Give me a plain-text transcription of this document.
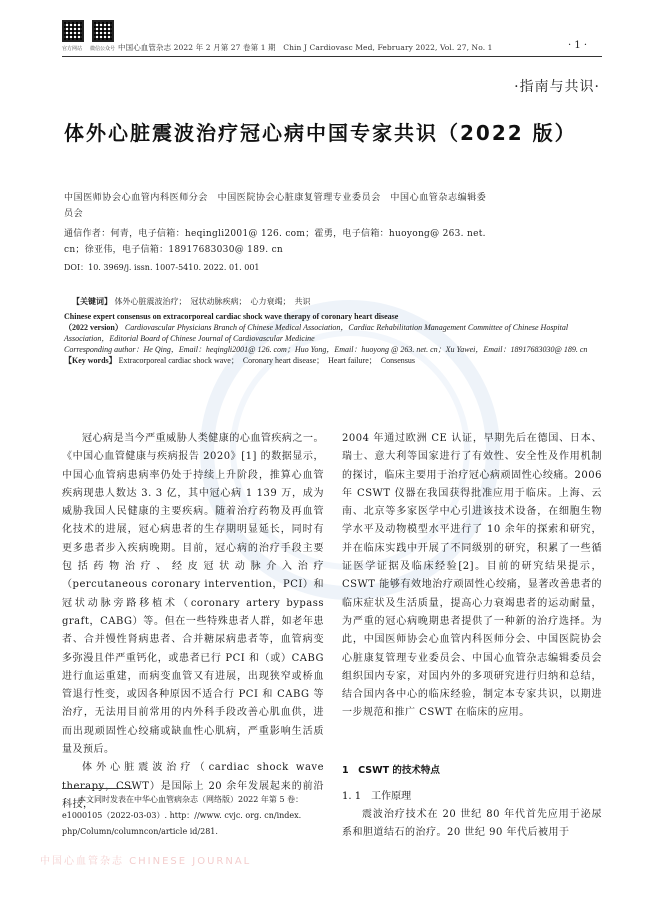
官方网站 微信公众号 中国心血管杂志 2022 年 2 月第 27 卷第 1 期　Chin J Cardiovasc Med, February 2022, Vol. 27, No. 1	· 1 ·
·指南与共识·
体外心脏震波治疗冠心病中国专家共识（2022 版）
中国医师协会心血管内科医师分会　中国医院协会心脏康复管理专业委员会　中国心血管杂志编辑委员会
通信作者：何青，电子信箱：heqingli2001@ 126. com；霍勇，电子信箱：huoyong@ 263. net. cn；徐亚伟，电子信箱：18917683030@ 189. cn
DOI：10. 3969/j. issn. 1007-5410. 2022. 01. 001
【关键词】 体外心脏震波治疗；　冠状动脉疾病；　心力衰竭；　共识
Chinese expert consensus on extracorporeal cardiac shock wave therapy of coronary heart disease
（2022 version） Cardiovascular Physicians Branch of Chinese Medical Association，Cardiac Rehabilitation Management Committee of Chinese Hospital Association，Editorial Board of Chinese Journal of Cardiovascular Medicine
Corresponding author：He Qing，Email：heqingli2001@ 126. com；Huo Yong，Email：huoyong @ 263. net. cn；Xu Yawei，Email：18917683030@ 189. cn
【Key words】 Extracorporeal cardiac shock wave；　Coronary heart disease；　Heart failure；　Consensus

冠心病是当今严重威胁人类健康的心血管疾病之一。《中国心血管健康与疾病报告 2020》[1] 的数据显示，中国心血管病患病率仍处于持续上升阶段，推算心血管疾病现患人数达 3. 3 亿，其中冠心病 1 139 万，成为威胁我国人民健康的主要疾病。随着治疗药物及再血管化技术的进展，冠心病患者的生存期明显延长，同时有更多患者步入疾病晚期。目前，冠心病的治疗手段主要包括药物治疗、经皮冠状动脉介入治疗（percutaneous coronary intervention，PCI）和冠状动脉旁路移植术（coronary artery bypass graft，CABG）等。但在一些特殊患者人群，如老年患者、合并慢性肾病患者、合并糖尿病患者等，血管病变多弥漫且伴严重钙化，或患者已行 PCI 和（或）CABG 进行血运重建，而病变血管又有进展，出现狭窄或桥血管退行性变，或因各种原因不适合行 PCI 和 CABG 等治疗，无法用目前常用的内外科手段改善心肌血供，进而出现顽固性心绞痛或缺血性心肌病，严重影响生活质量及预后。

体外心脏震波治疗（cardiac shock wave therapy，CSWT）是国际上 20 余年发展起来的前沿科技，

本文同时发表在中华心血管病杂志（网络版）2022 年第 5 卷：e1000105（2022-03-03）. http：//www. cvjc. org. cn/index. php/Column/columncon/article id/281.

2004 年通过欧洲 CE 认证，早期先后在德国、日本、瑞士、意大利等国家进行了有效性、安全性及作用机制的探讨，临床主要用于治疗冠心病顽固性心绞痛。2006 年 CSWT 仪器在我国获得批准应用于临床。上海、云南、北京等多家医学中心引进该技术设备，在细胞生物学水平及动物模型水平进行了 10 余年的探索和研究，并在临床实践中开展了不同级别的研究，积累了一些循证医学证据及临床经验[2]。目前的研究结果提示，CSWT 能够有效地治疗顽固性心绞痛，显著改善患者的临床症状及生活质量，提高心力衰竭患者的运动耐量，为严重的冠心病晚期患者提供了一种新的治疗选择。为此，中国医师协会心血管内科医师分会、中国医院协会心脏康复管理专业委员会、中国心血管杂志编辑委员会组织国内专家，对国内外的多项研究进行归纳和总结，结合国内各中心的临床经验，制定本专家共识，以期进一步规范和推广 CSWT 在临床的应用。

1　CSWT 的技术特点
1. 1　工作原理

震波治疗技术在 20 世纪 80 年代首先应用于泌尿系和胆道结石的治疗。20 世纪 90 年代后被用于

中国心血管杂志 CHINESE JOURNAL
